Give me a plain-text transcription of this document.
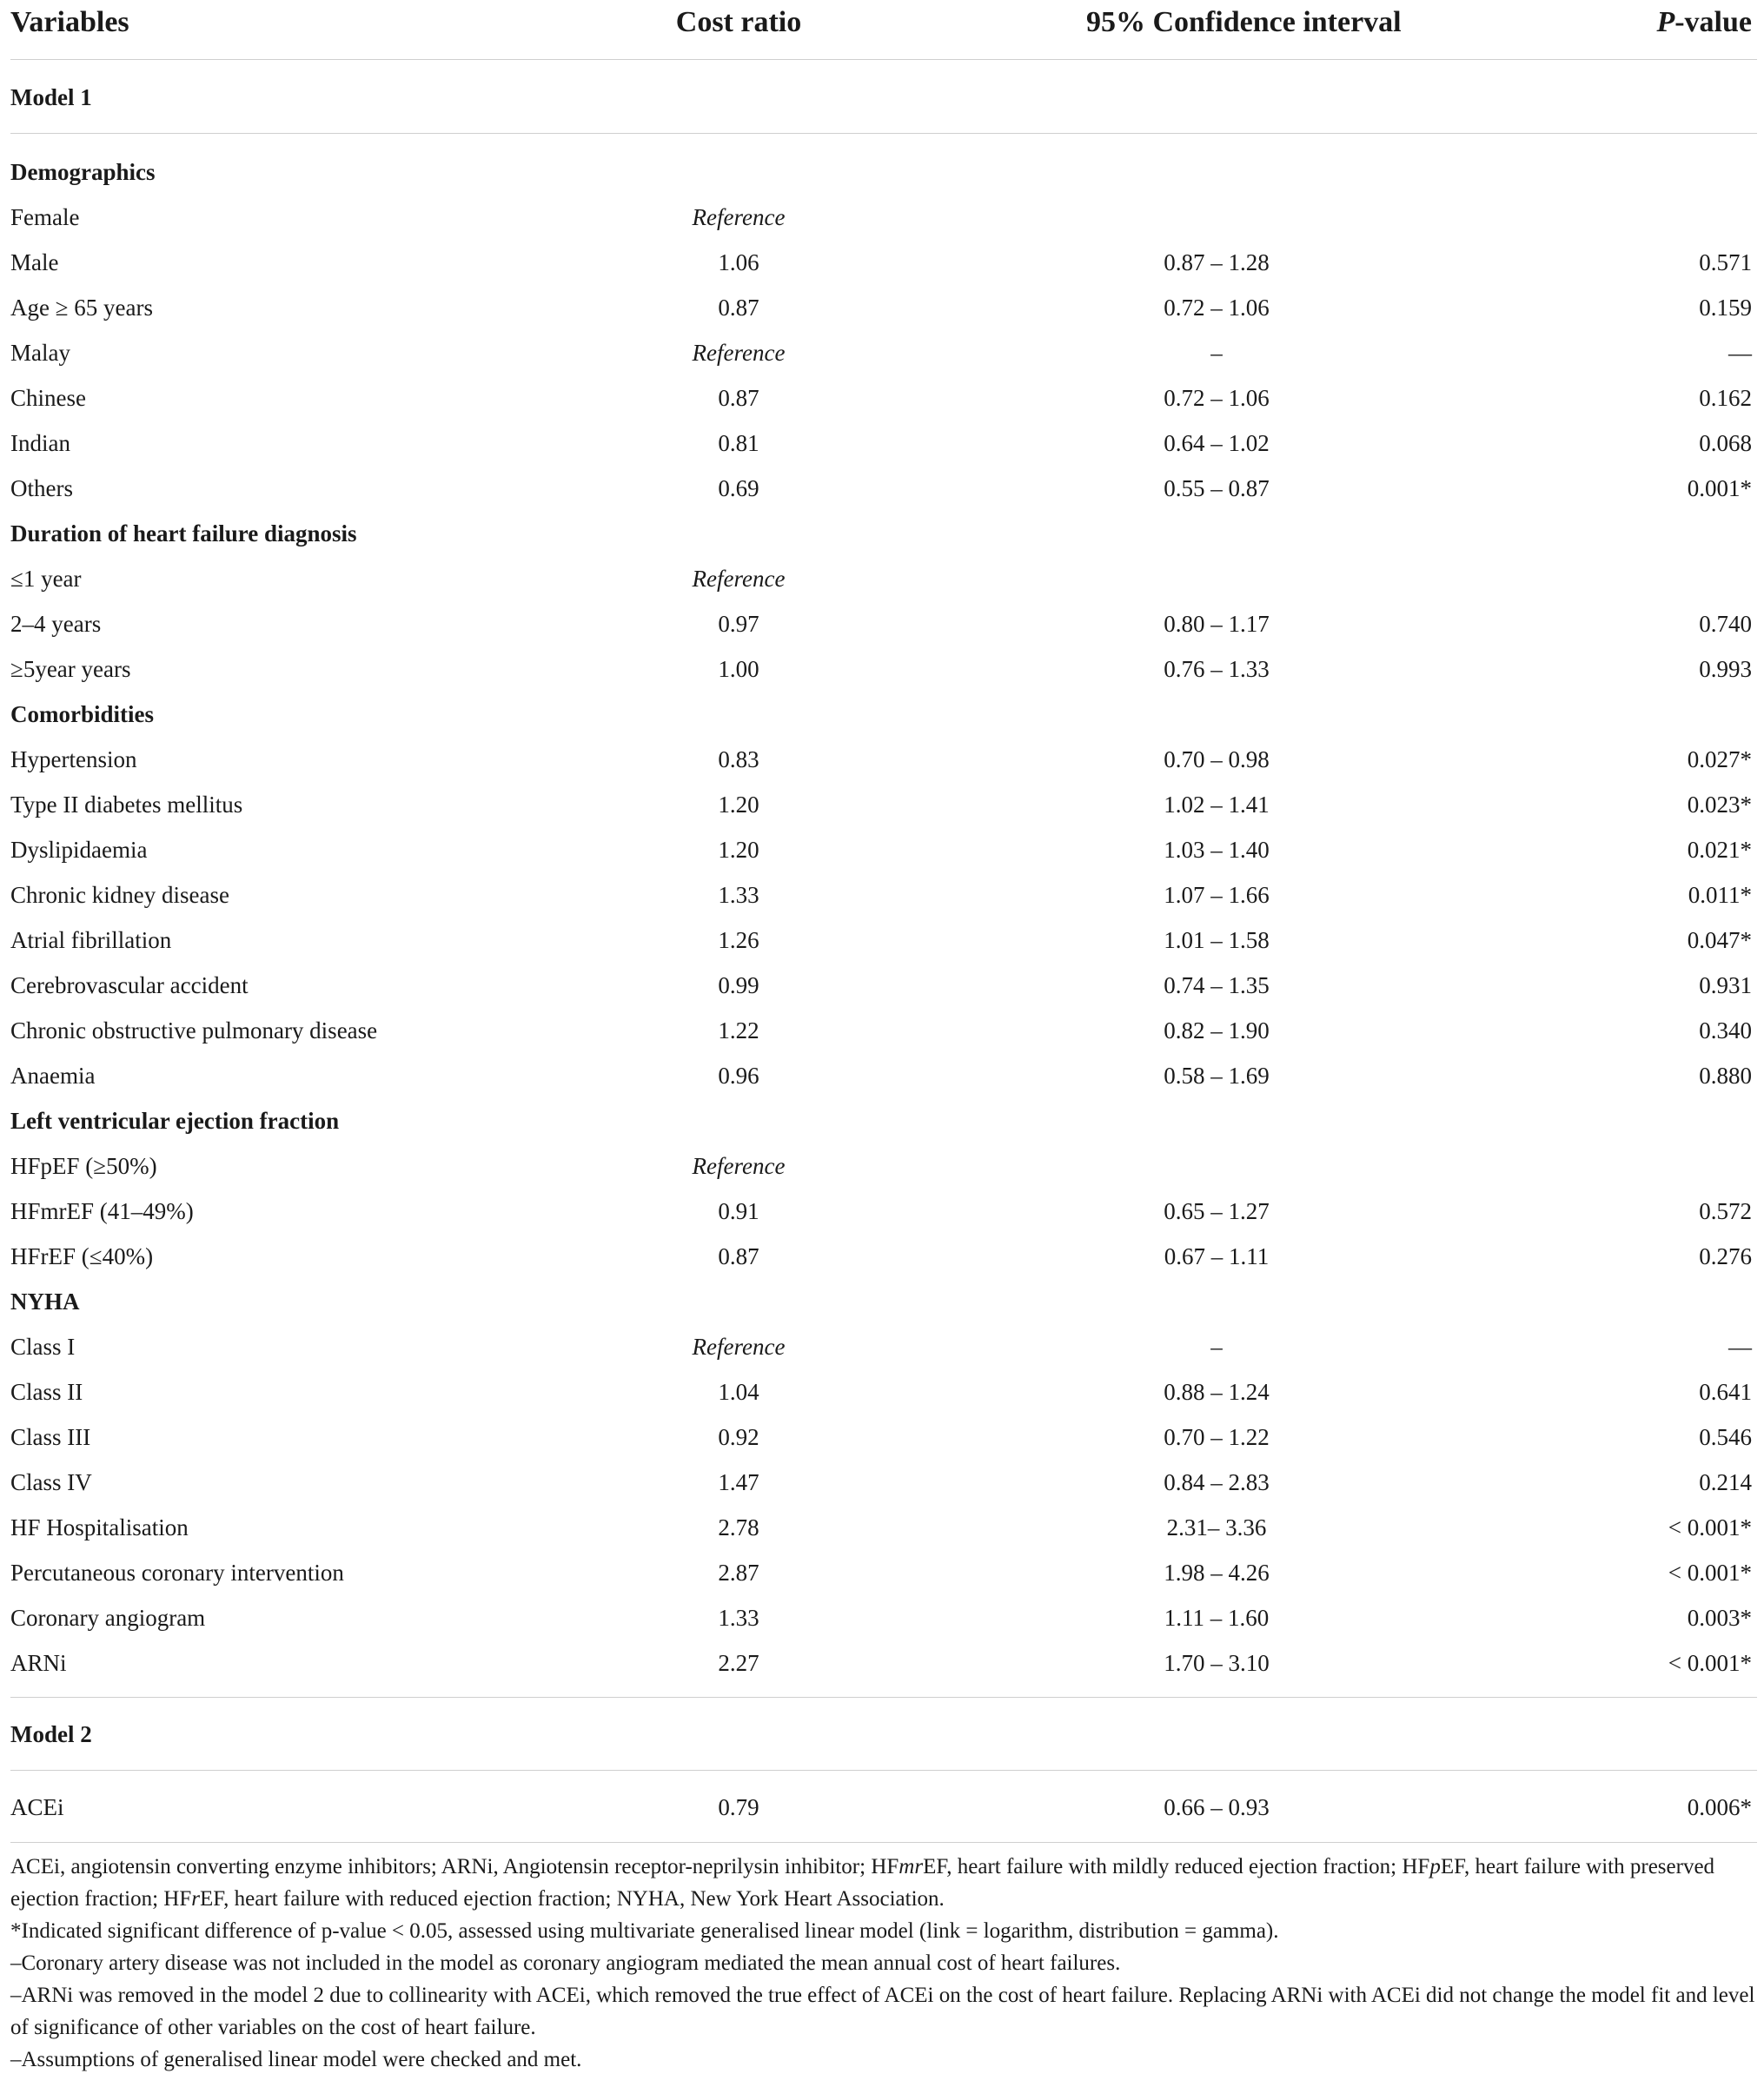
Variables	Cost ratio	95% Confidence interval	P-value
Model 1
Demographics
Female	Reference
Male	1.06	0.87 – 1.28	0.571
Age ≥ 65 years	0.87	0.72 – 1.06	0.159
Malay	Reference	–	—
Chinese	0.87	0.72 – 1.06	0.162
Indian	0.81	0.64 – 1.02	0.068
Others	0.69	0.55 – 0.87	0.001*
Duration of heart failure diagnosis
≤1 year	Reference
2–4 years	0.97	0.80 – 1.17	0.740
≥5year years	1.00	0.76 – 1.33	0.993
Comorbidities
Hypertension	0.83	0.70 – 0.98	0.027*
Type II diabetes mellitus	1.20	1.02 – 1.41	0.023*
Dyslipidaemia	1.20	1.03 – 1.40	0.021*
Chronic kidney disease	1.33	1.07 – 1.66	0.011*
Atrial fibrillation	1.26	1.01 – 1.58	0.047*
Cerebrovascular accident	0.99	0.74 – 1.35	0.931
Chronic obstructive pulmonary disease	1.22	0.82 – 1.90	0.340
Anaemia	0.96	0.58 – 1.69	0.880
Left ventricular ejection fraction
HFpEF (≥50%)	Reference
HFmrEF (41–49%)	0.91	0.65 – 1.27	0.572
HFrEF (≤40%)	0.87	0.67 – 1.11	0.276
NYHA
Class I	Reference	–	—
Class II	1.04	0.88 – 1.24	0.641
Class III	0.92	0.70 – 1.22	0.546
Class IV	1.47	0.84 – 2.83	0.214
HF Hospitalisation	2.78	2.31– 3.36	< 0.001*
Percutaneous coronary intervention	2.87	1.98 – 4.26	< 0.001*
Coronary angiogram	1.33	1.11 – 1.60	0.003*
ARNi	2.27	1.70 – 3.10	< 0.001*
Model 2
ACEi	0.79	0.66 – 0.93	0.006*

ACEi, angiotensin converting enzyme inhibitors; ARNi, Angiotensin receptor-neprilysin inhibitor; HFmrEF, heart failure with mildly reduced ejection fraction; HFpEF, heart failure with preserved ejection fraction; HFrEF, heart failure with reduced ejection fraction; NYHA, New York Heart Association.

*Indicated significant difference of p-value < 0.05, assessed using multivariate generalised linear model (link = logarithm, distribution = gamma).

–Coronary artery disease was not included in the model as coronary angiogram mediated the mean annual cost of heart failures.

–ARNi was removed in the model 2 due to collinearity with ACEi, which removed the true effect of ACEi on the cost of heart failure. Replacing ARNi with ACEi did not change the model fit and level of significance of other variables on the cost of heart failure.

–Assumptions of generalised linear model were checked and met.
